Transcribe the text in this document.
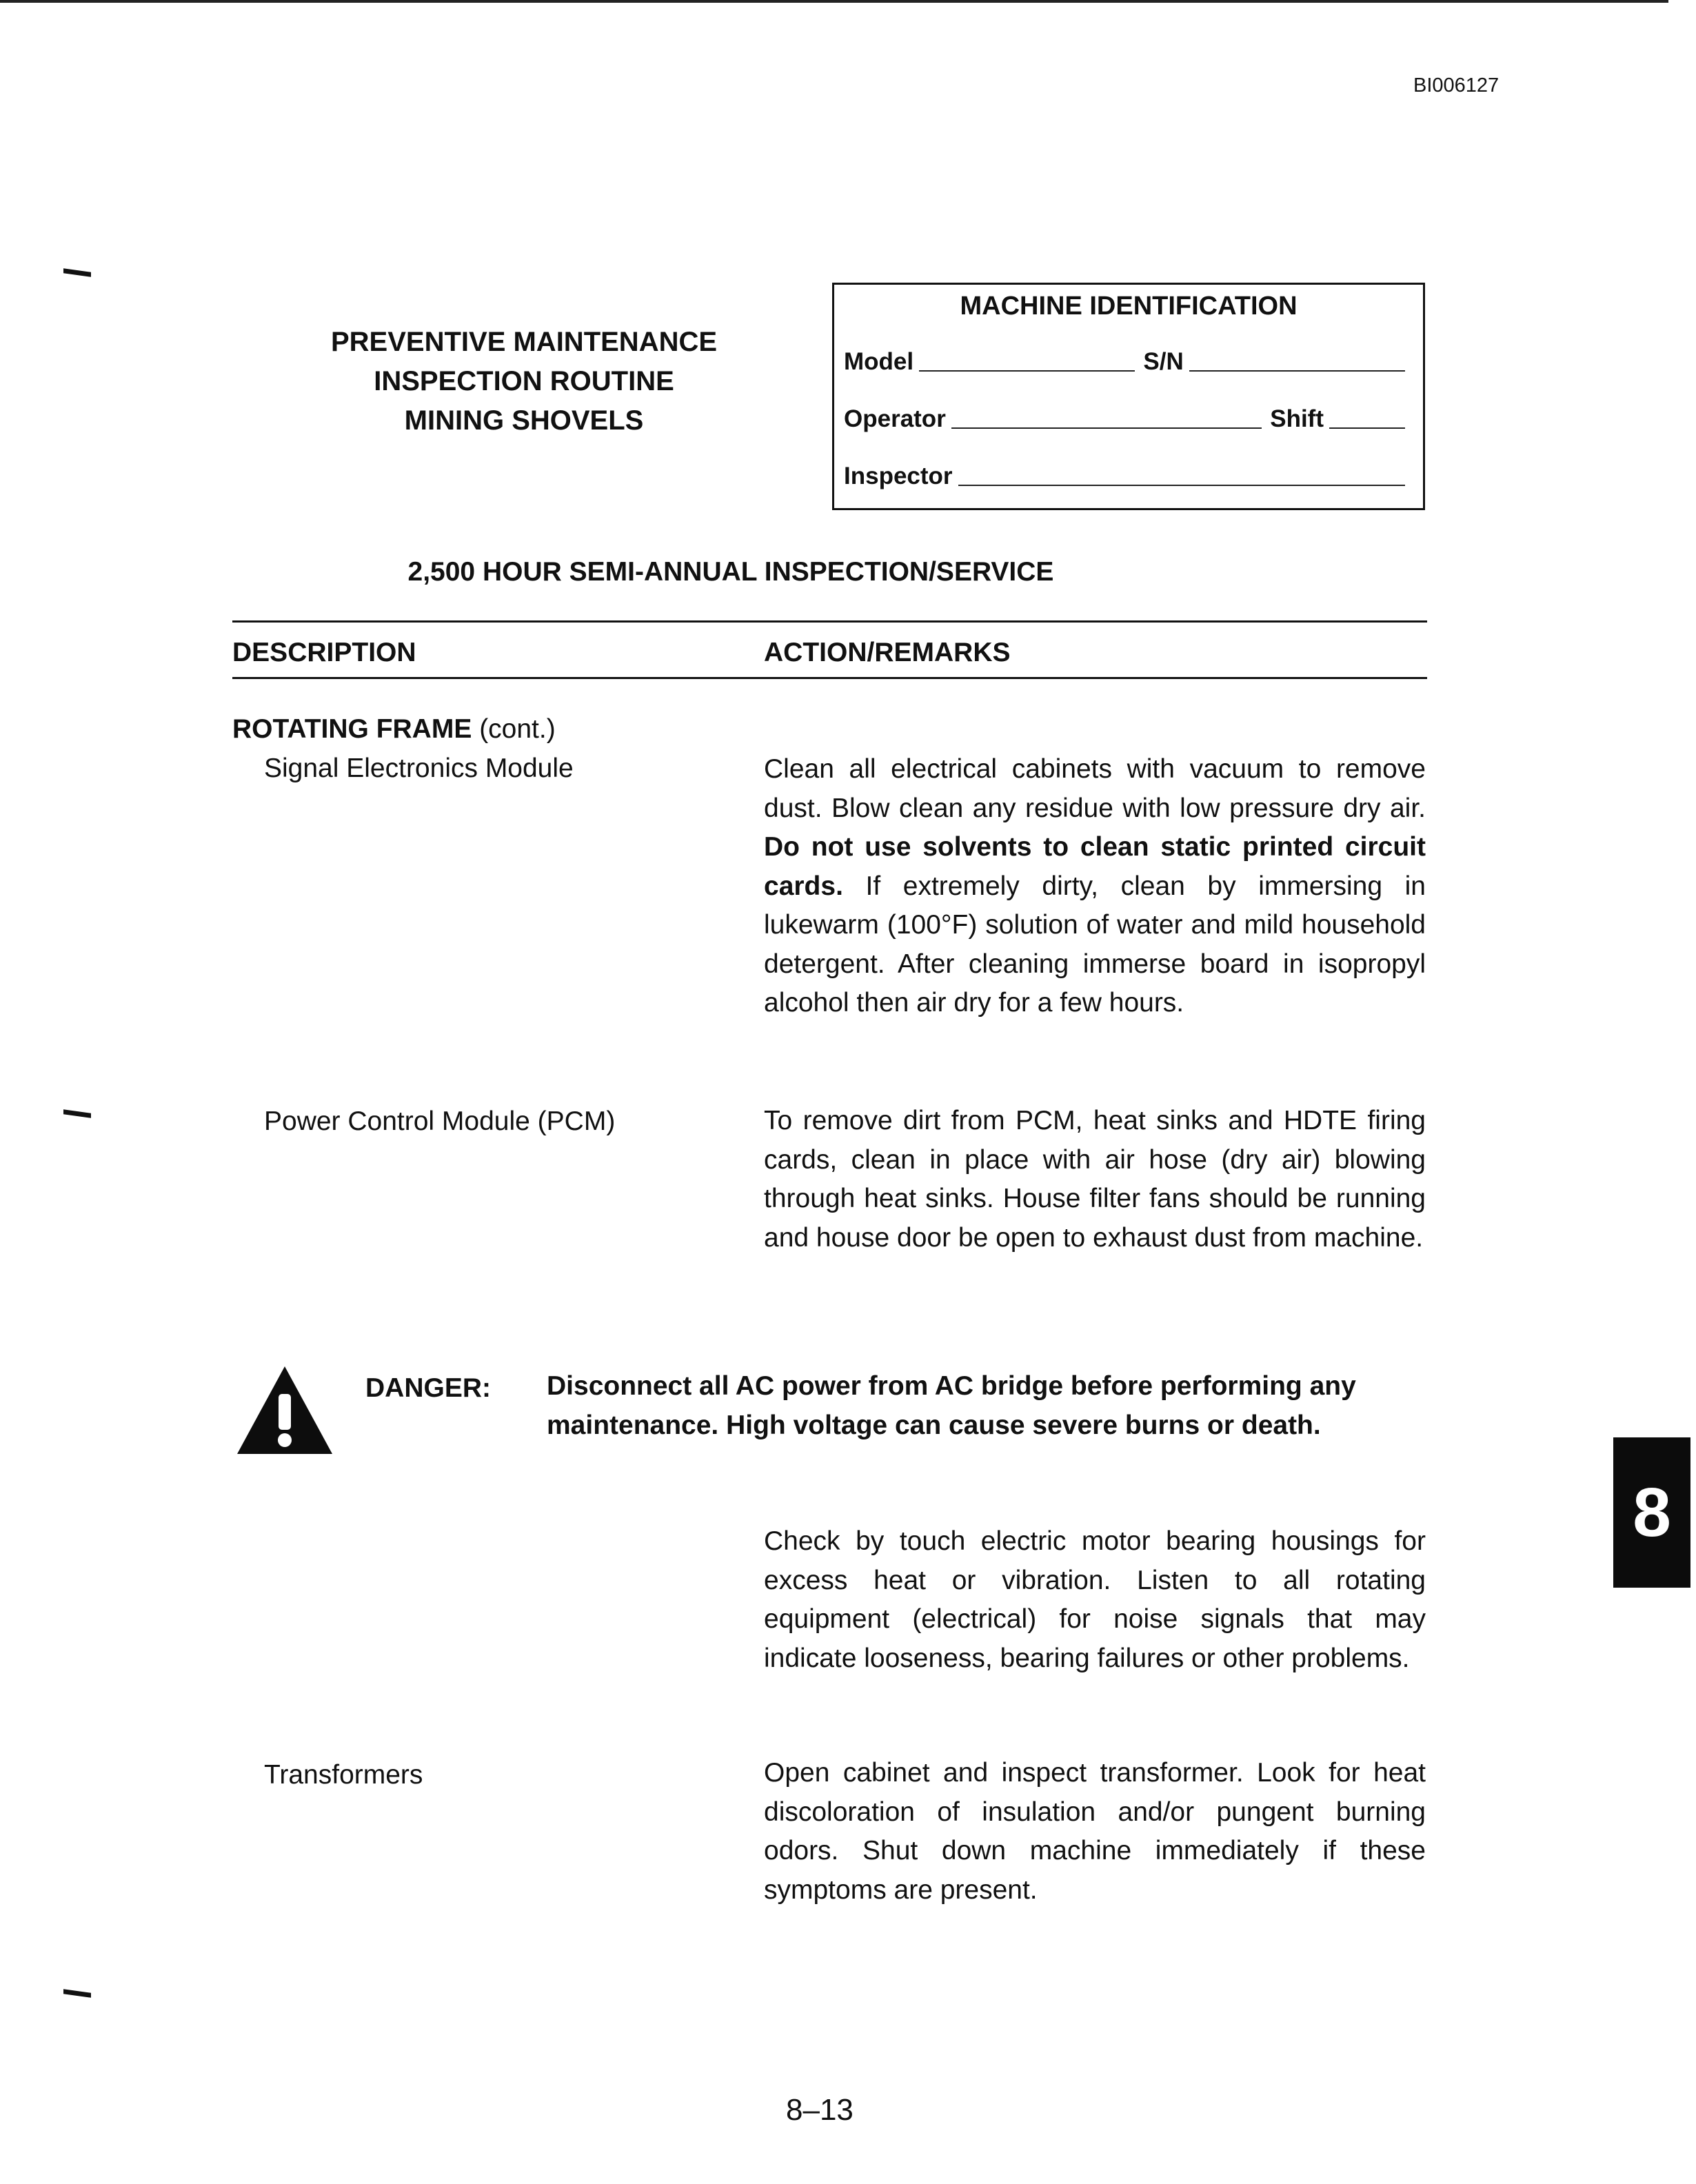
BI006127
PREVENTIVE MAINTENANCE
INSPECTION ROUTINE
MINING SHOVELS
MACHINE IDENTIFICATION
Model	S/N
Operator	Shift
Inspector
2,500 HOUR SEMI-ANNUAL INSPECTION/SERVICE
DESCRIPTION	ACTION/REMARKS
ROTATING FRAME (cont.)
Signal Electronics Module	Clean all electrical cabinets with vacuum to remove dust. Blow clean any residue with low pressure dry air. Do not use solvents to clean static printed circuit cards. If extremely dirty, clean by immersing in lukewarm (100°F) solution of water and mild household detergent. After cleaning immerse board in isopropyl alcohol then air dry for a few hours.
Power Control Module (PCM)	To remove dirt from PCM, heat sinks and HDTE firing cards, clean in place with air hose (dry air) blowing through heat sinks. House filter fans should be running and house door be open to exhaust dust from machine.
DANGER: Disconnect all AC power from AC bridge before performing any maintenance. High voltage can cause severe burns or death.
Check by touch electric motor bearing housings for excess heat or vibration. Listen to all rotating equipment (electrical) for noise signals that may indicate looseness, bearing failures or other problems.
Transformers	Open cabinet and inspect transformer. Look for heat discoloration of insulation and/or pungent burning odors. Shut down machine immediately if these symptoms are present.
8
8–13
